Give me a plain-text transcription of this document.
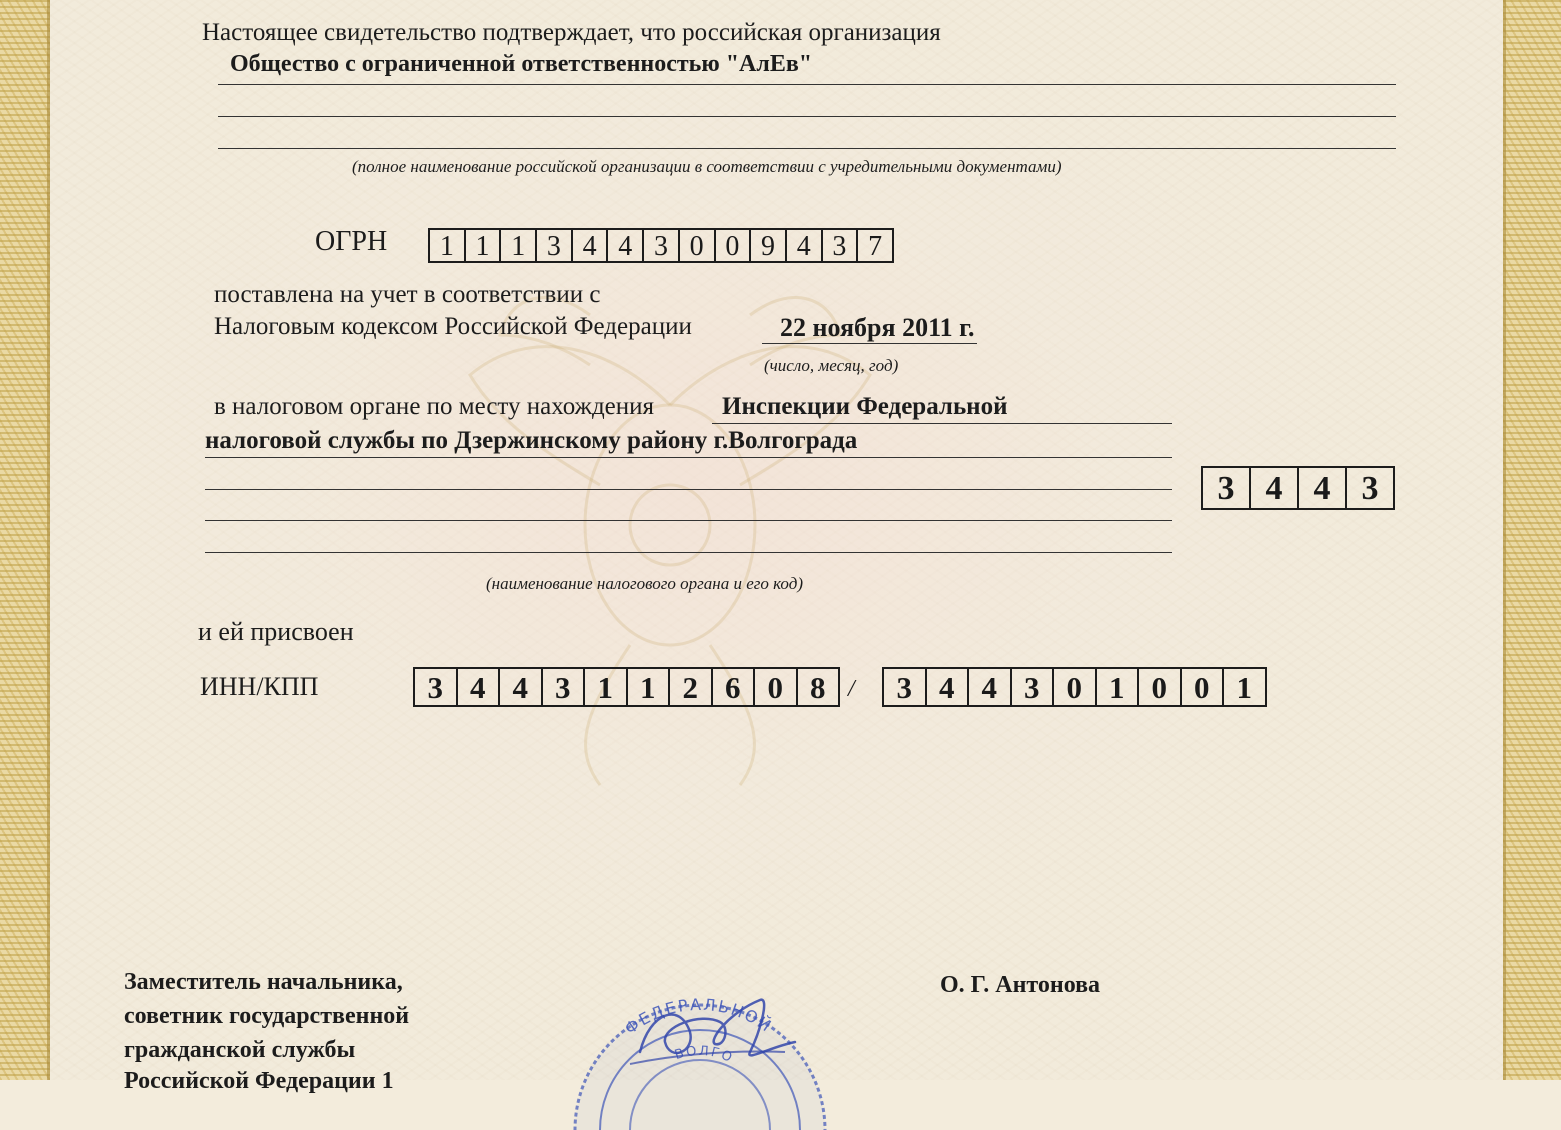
Настоящее свидетельство подтверждает, что российская организация
Общество с ограниченной ответственностью "АлЕв"
(полное наименование российской организации в соответствии с учредительными документами)
ОГРН	1 1 1 3 4 4 3 0 0 9 4 3 7
поставлена на учет в соответствии с
Налоговым кодексом Российской Федерации	22 ноября 2011 г.
(число, месяц, год)
в налоговом органе по месту нахождения	Инспекции Федеральной
налоговой службы по Дзержинскому району г.Волгограда
3 4 4 3
(наименование налогового органа и его код)
и ей присвоен
ИНН/КПП	3 4 4 3 1 1 2 6 0 8 /	3 4 4 3 0 1 0 0 1
Заместитель начальника,
советник государственной
гражданской службы
Российской Федерации 1
О. Г. Антонова
ФЕДЕРАЛЬНОЙ
ВОЛГО
